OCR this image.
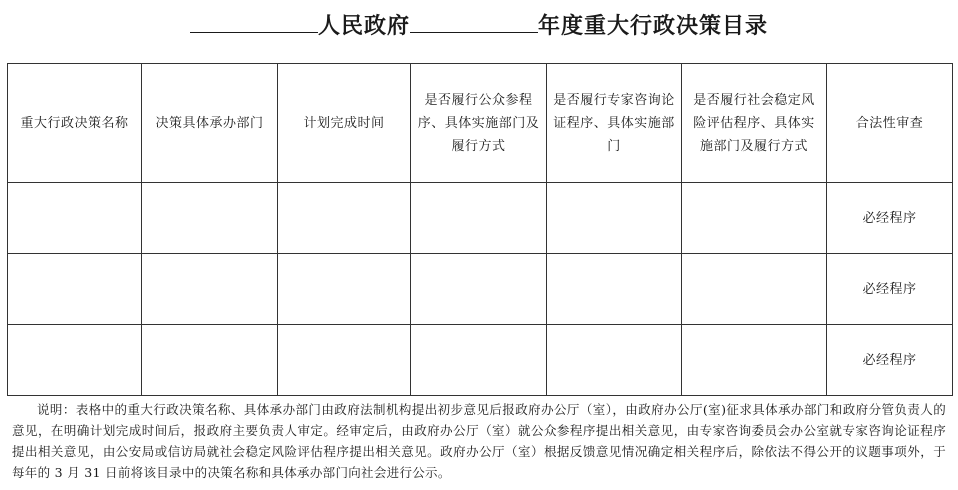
人民政府	年度重大行政决策目录
重大行政决策名称	决策具体承办部门	计划完成时间	是否履行公众参程序、具体实施部门及履行方式	是否履行专家咨询论证程序、具体实施部门	是否履行社会稳定风险评估程序、具体实施部门及履行方式	合法性审查
						必经程序
						必经程序
						必经程序
说明：表格中的重大行政决策名称、具体承办部门由政府法制机构提出初步意见后报政府办公厅（室），由政府办公厅(室)征求具体承办部门和政府分管负责人的意见，在明确计划完成时间后，报政府主要负责人审定。经审定后，由政府办公厅（室）就公众参程序提出相关意见，由专家咨询委员会办公室就专家咨询论证程序提出相关意见，由公安局或信访局就社会稳定风险评估程序提出相关意见。政府办公厅（室）根据反馈意见情况确定相关程序后，除依法不得公开的议题事项外，于每年的 3 月 31 日前将该目录中的决策名称和具体承办部门向社会进行公示。
